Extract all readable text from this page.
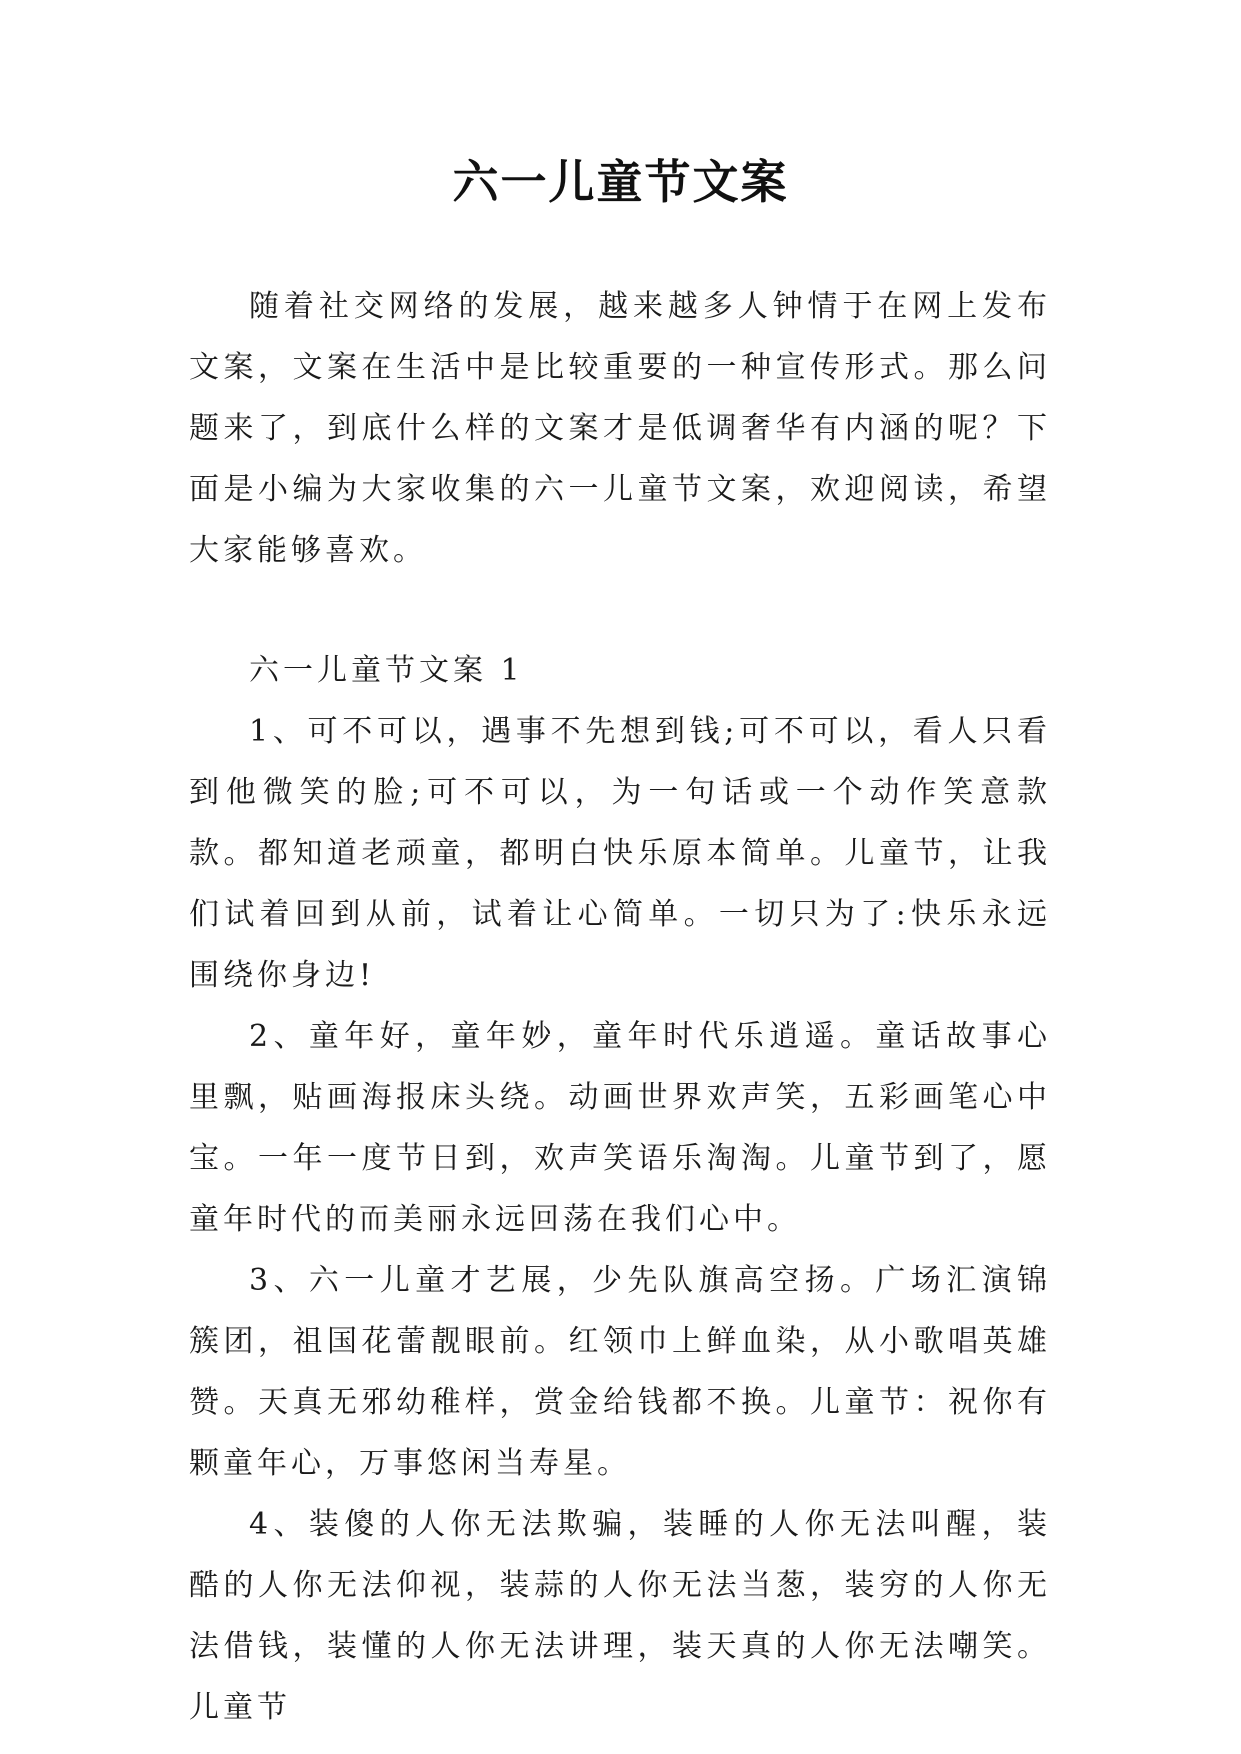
六一儿童节文案

随着社交网络的发展，越来越多人钟情于在网上发布文案，文案在生活中是比较重要的一种宣传形式。那么问题来了，到底什么样的文案才是低调奢华有内涵的呢？下面是小编为大家收集的六一儿童节文案，欢迎阅读，希望大家能够喜欢。

六一儿童节文案 1

1、可不可以，遇事不先想到钱;可不可以，看人只看到他微笑的脸;可不可以，为一句话或一个动作笑意款款。都知道老顽童，都明白快乐原本简单。儿童节，让我们试着回到从前，试着让心简单。一切只为了:快乐永远围绕你身边!

2、童年好，童年妙，童年时代乐逍遥。童话故事心里飘，贴画海报床头绕。动画世界欢声笑，五彩画笔心中宝。一年一度节日到，欢声笑语乐淘淘。儿童节到了，愿童年时代的而美丽永远回荡在我们心中。

3、六一儿童才艺展，少先队旗高空扬。广场汇演锦簇团，祖国花蕾靓眼前。红领巾上鲜血染，从小歌唱英雄赞。天真无邪幼稚样，赏金给钱都不换。儿童节：祝你有颗童年心，万事悠闲当寿星。

4、装傻的人你无法欺骗，装睡的人你无法叫醒，装酷的人你无法仰视，装蒜的人你无法当葱，装穷的人你无法借钱，装懂的人你无法讲理，装天真的人你无法嘲笑。儿童节
